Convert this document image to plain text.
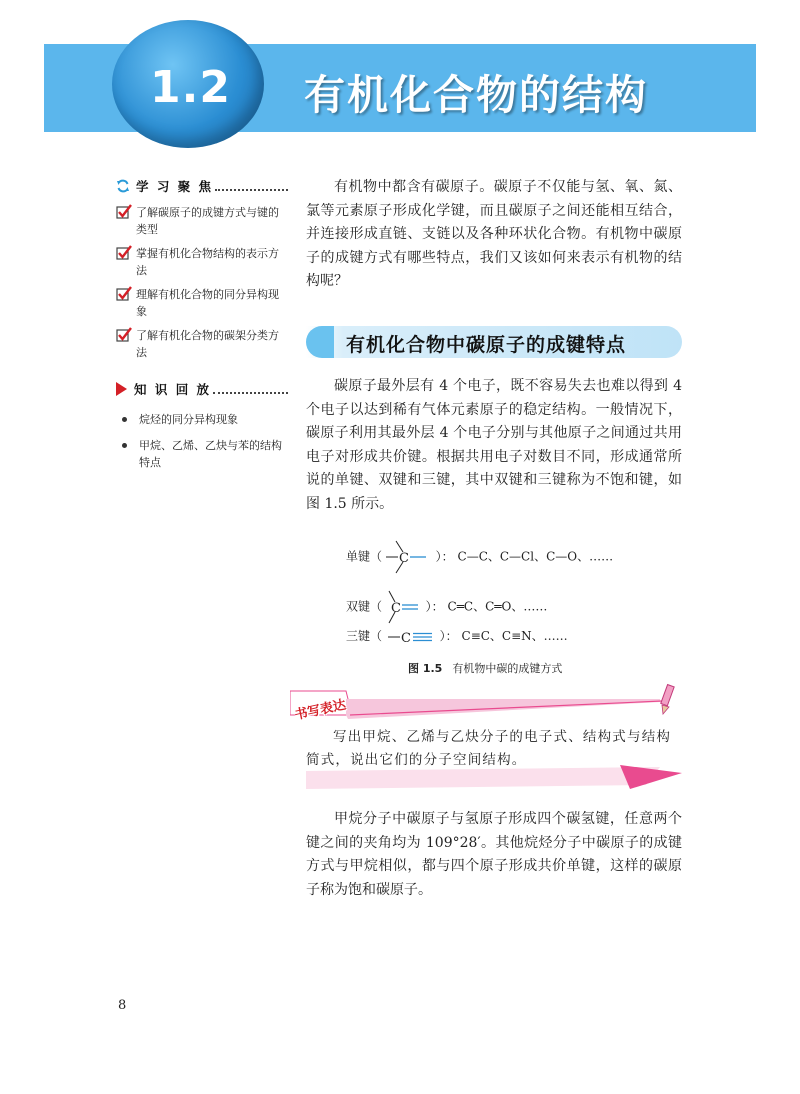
1.2	有机化合物的结构
学 习 聚 焦
了解碳原子的成键方式与键的类型
掌握有机化合物结构的表示方法
理解有机化合物的同分异构现象
了解有机化合物的碳架分类方法
知 识 回 放
烷烃的同分异构现象
甲烷、乙烯、乙炔与苯的结构特点

有机物中都含有碳原子。碳原子不仅能与氢、氧、氮、氯等元素原子形成化学键，而且碳原子之间还能相互结合，并连接形成直链、支链以及各种环状化合物。有机物中碳原子的成键方式有哪些特点，我们又该如何来表示有机物的结构呢？

有机化合物中碳原子的成键特点

碳原子最外层有 4 个电子，既不容易失去也难以得到 4 个电子以达到稀有气体元素原子的稳定结构。一般情况下，碳原子利用其最外层 4 个电子分别与其他原子之间通过共用电子对形成共价键。根据共用电子对数目不同，形成通常所说的单键、双键和三键，其中双键和三键称为不饱和键，如图 1.5 所示。

单键（ C ）： C—C、C—Cl、C—O、……
双键（ C ）： C═C、C═O、……
三键（ C ）： C≡C、C≡N、……
图 1.5 有机物中碳的成键方式
书写表达

写出甲烷、乙烯与乙炔分子的电子式、结构式与结构简式，说出它们的分子空间结构。

甲烷分子中碳原子与氢原子形成四个碳氢键，任意两个键之间的夹角均为 109°28′。其他烷烃分子中碳原子的成键方式与甲烷相似，都与四个原子形成共价单键，这样的碳原子称为饱和碳原子。

8
